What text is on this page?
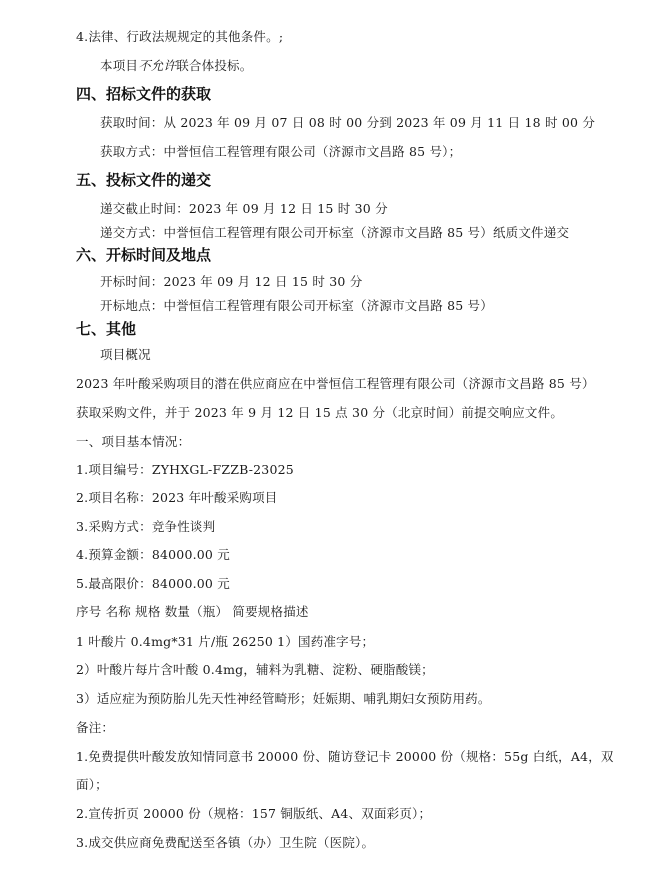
4.法律、行政法规规定的其他条件。;
本项目不允许联合体投标。
四、招标文件的获取
获取时间：从 2023 年 09 月 07 日 08 时 00 分到 2023 年 09 月 11 日 18 时 00 分
获取方式：中誉恒信工程管理有限公司（济源市文昌路 85 号）；
五、投标文件的递交
递交截止时间：2023 年 09 月 12 日 15 时 30 分
递交方式：中誉恒信工程管理有限公司开标室（济源市文昌路 85 号）纸质文件递交
六、开标时间及地点
开标时间：2023 年 09 月 12 日 15 时 30 分
开标地点：中誉恒信工程管理有限公司开标室（济源市文昌路 85 号）
七、其他
项目概况
2023 年叶酸采购项目的潜在供应商应在中誉恒信工程管理有限公司（济源市文昌路 85 号）
获取采购文件，并于 2023 年 9 月 12 日 15 点 30 分（北京时间）前提交响应文件。
一、项目基本情况：
1.项目编号：ZYHXGL-FZZB-23025
2.项目名称：2023 年叶酸采购项目
3.采购方式：竞争性谈判
4.预算金额：84000.00 元
5.最高限价：84000.00 元
序号 名称 规格 数量（瓶） 简要规格描述
1 叶酸片 0.4mg*31 片/瓶 26250 1）国药准字号；
2）叶酸片每片含叶酸 0.4mg，辅料为乳糖、淀粉、硬脂酸镁；
3）适应症为预防胎儿先天性神经管畸形；妊娠期、哺乳期妇女预防用药。
备注：
1.免费提供叶酸发放知情同意书 20000 份、随访登记卡 20000 份（规格：55g 白纸，A4，双
面）；
2.宣传折页 20000 份（规格：157 铜版纸、A4、双面彩页）；
3.成交供应商免费配送至各镇（办）卫生院（医院）。
